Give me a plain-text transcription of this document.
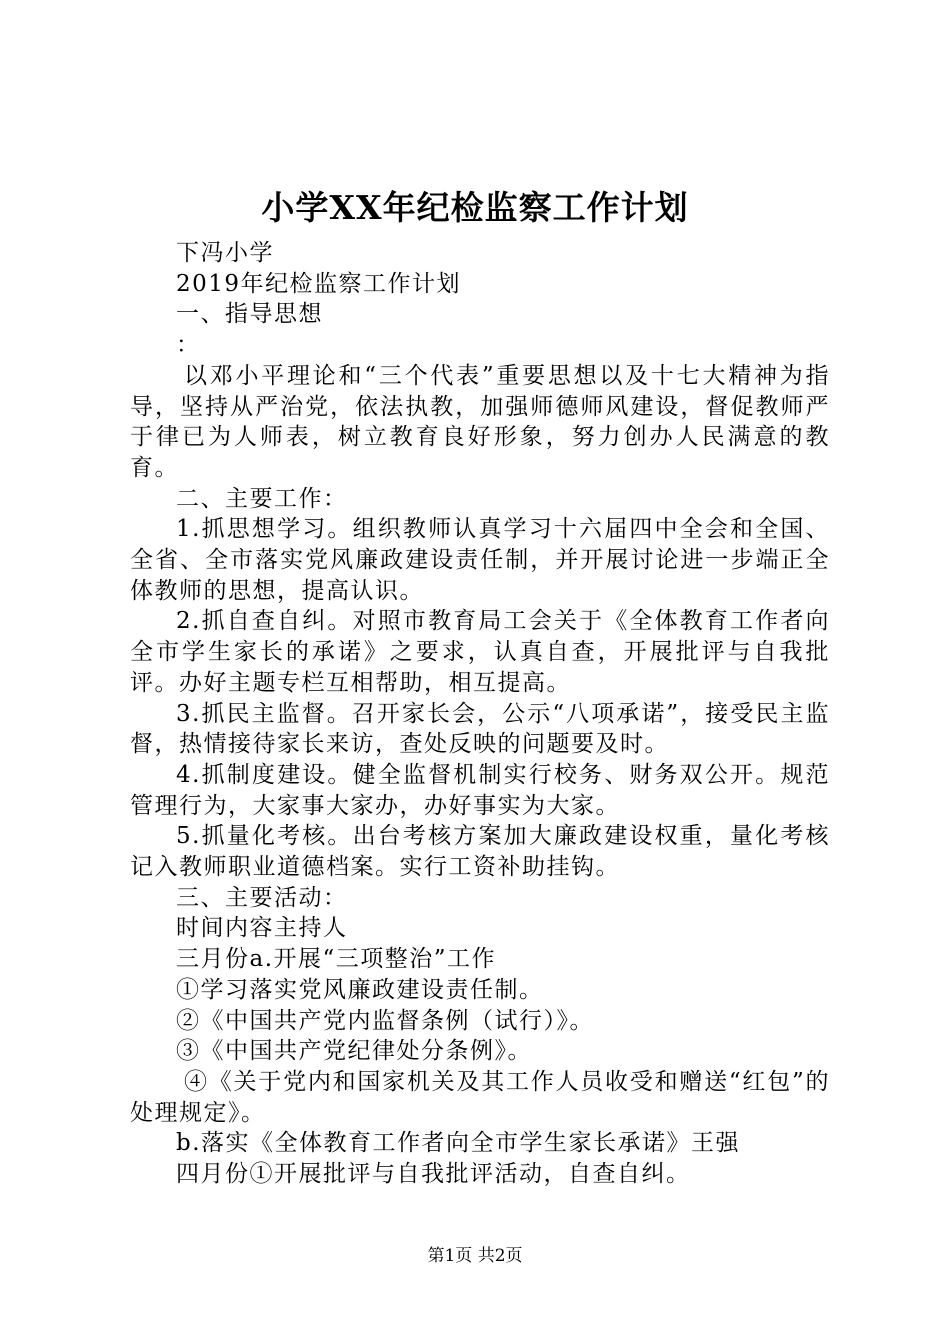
小学XX年纪检监察工作计划

下冯小学

2019年纪检监察工作计划

一、指导思想

：

以邓小平理论和“三个代表”重要思想以及十七大精神为指导，坚持从严治党，依法执教，加强师德师风建设，督促教师严于律已为人师表，树立教育良好形象，努力创办人民满意的教育。

二、主要工作：

1.抓思想学习。组织教师认真学习十六届四中全会和全国、全省、全市落实党风廉政建设责任制，并开展讨论进一步端正全体教师的思想，提高认识。

2.抓自查自纠。对照市教育局工会关于《全体教育工作者向全市学生家长的承诺》之要求，认真自查，开展批评与自我批评。办好主题专栏互相帮助，相互提高。

3.抓民主监督。召开家长会，公示“八项承诺”，接受民主监督，热情接待家长来访，查处反映的问题要及时。

4.抓制度建设。健全监督机制实行校务、财务双公开。规范管理行为，大家事大家办，办好事实为大家。

5.抓量化考核。出台考核方案加大廉政建设权重，量化考核记入教师职业道德档案。实行工资补助挂钩。

三、主要活动：

时间内容主持人

三月份a.开展“三项整治”工作

①学习落实党风廉政建设责任制。

②《中国共产党内监督条例（试行）》。

③《中国共产党纪律处分条例》。

④《关于党内和国家机关及其工作人员收受和赠送“红包”的处理规定》。

b.落实《全体教育工作者向全市学生家长承诺》王强

四月份①开展批评与自我批评活动，自查自纠。

第1页 共2页
